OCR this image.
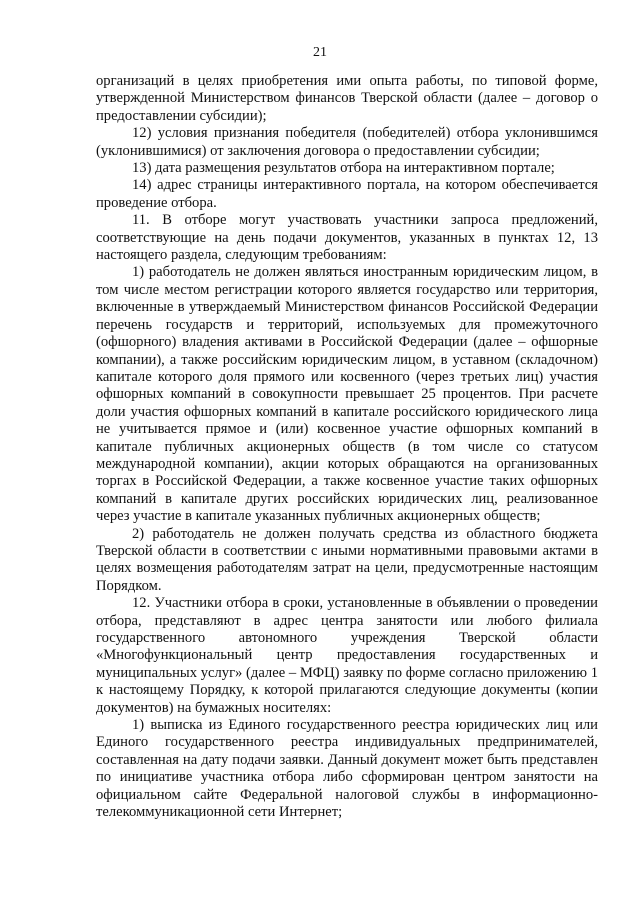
21

организаций в целях приобретения ими опыта работы, по типовой форме, утвержденной Министерством финансов Тверской области (далее – договор о предоставлении субсидии);

12) условия признания победителя (победителей) отбора уклонившимся (уклонившимися) от заключения договора о предоставлении субсидии;

13) дата размещения результатов отбора на интерактивном портале;

14) адрес страницы интерактивного портала, на котором обеспечивается проведение отбора.

11. В отборе могут участвовать участники запроса предложений, соответствующие на день подачи документов, указанных в пунктах 12, 13 настоящего раздела, следующим требованиям:

1) работодатель не должен являться иностранным юридическим лицом, в том числе местом регистрации которого является государство или территория, включенные в утверждаемый Министерством финансов Российской Федерации перечень государств и территорий, используемых для промежуточного (офшорного) владения активами в Российской Федерации (далее – офшорные компании), а также российским юридическим лицом, в уставном (складочном) капитале которого доля прямого или косвенного (через третьих лиц) участия офшорных компаний в совокупности превышает 25 процентов. При расчете доли участия офшорных компаний в капитале российского юридического лица не учитывается прямое и (или) косвенное участие офшорных компаний в капитале публичных акционерных обществ (в том числе со статусом международной компании), акции которых обращаются на организованных торгах в Российской Федерации, а также косвенное участие таких офшорных компаний в капитале других российских юридических лиц, реализованное через участие в капитале указанных публичных акционерных обществ;

2) работодатель не должен получать средства из областного бюджета Тверской области в соответствии с иными нормативными правовыми актами в целях возмещения работодателям затрат на цели, предусмотренные настоящим Порядком.

12. Участники отбора в сроки, установленные в объявлении о проведении отбора, представляют в адрес центра занятости или любого филиала государственного автономного учреждения Тверской области «Многофункциональный центр предоставления государственных и муниципальных услуг» (далее – МФЦ) заявку по форме согласно приложению 1 к настоящему Порядку, к которой прилагаются следующие документы (копии документов) на бумажных носителях:

1) выписка из Единого государственного реестра юридических лиц или Единого государственного реестра индивидуальных предпринимателей, составленная на дату подачи заявки. Данный документ может быть представлен по инициативе участника отбора либо сформирован центром занятости на официальном сайте Федеральной налоговой службы в информационно-телекоммуникационной сети Интернет;
